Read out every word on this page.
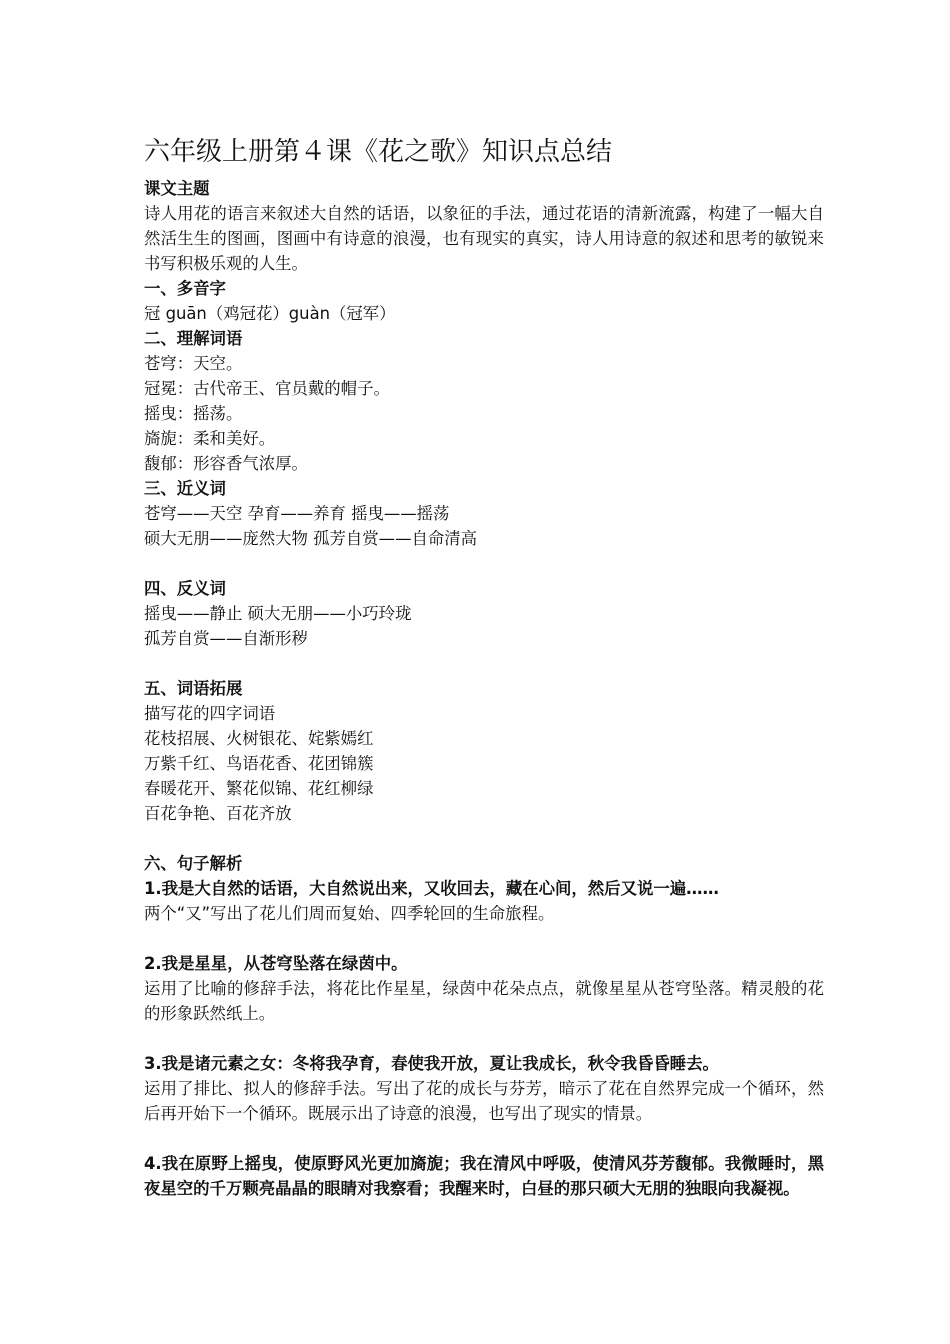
六年级上册第４课《花之歌》知识点总结

课文主题

诗人用花的语言来叙述大自然的话语，以象征的手法，通过花语的清新流露，构建了一幅大自然活生生的图画，图画中有诗意的浪漫，也有现实的真实，诗人用诗意的叙述和思考的敏锐来书写积极乐观的人生。

一、多音字

冠 guān（鸡冠花）guàn（冠军）

二、理解词语

苍穹：天空。

冠冕：古代帝王、官员戴的帽子。

摇曳：摇荡。

旖旎：柔和美好。

馥郁：形容香气浓厚。

三、近义词

苍穹——天空 孕育——养育 摇曳——摇荡

硕大无朋——庞然大物 孤芳自赏——自命清高

四、反义词

摇曳——静止 硕大无朋——小巧玲珑

孤芳自赏——自渐形秽

五、词语拓展

描写花的四字词语

花枝招展、火树银花、姹紫嫣红

万紫千红、鸟语花香、花团锦簇

春暖花开、繁花似锦、花红柳绿

百花争艳、百花齐放

六、句子解析

1.我是大自然的话语，大自然说出来，又收回去，藏在心间，然后又说一遍……

两个“又”写出了花儿们周而复始、四季轮回的生命旅程。

2.我是星星，从苍穹坠落在绿茵中。

运用了比喻的修辞手法，将花比作星星，绿茵中花朵点点，就像星星从苍穹坠落。精灵般的花的形象跃然纸上。

3.我是诸元素之女：冬将我孕育，春使我开放，夏让我成长，秋令我昏昏睡去。

运用了排比、拟人的修辞手法。写出了花的成长与芬芳，暗示了花在自然界完成一个循环，然后再开始下一个循环。既展示出了诗意的浪漫，也写出了现实的情景。

4.我在原野上摇曳，使原野风光更加旖旎；我在清风中呼吸，使清风芬芳馥郁。我微睡时，黑夜星空的千万颗亮晶晶的眼睛对我察看；我醒来时，白昼的那只硕大无朋的独眼向我凝视。
